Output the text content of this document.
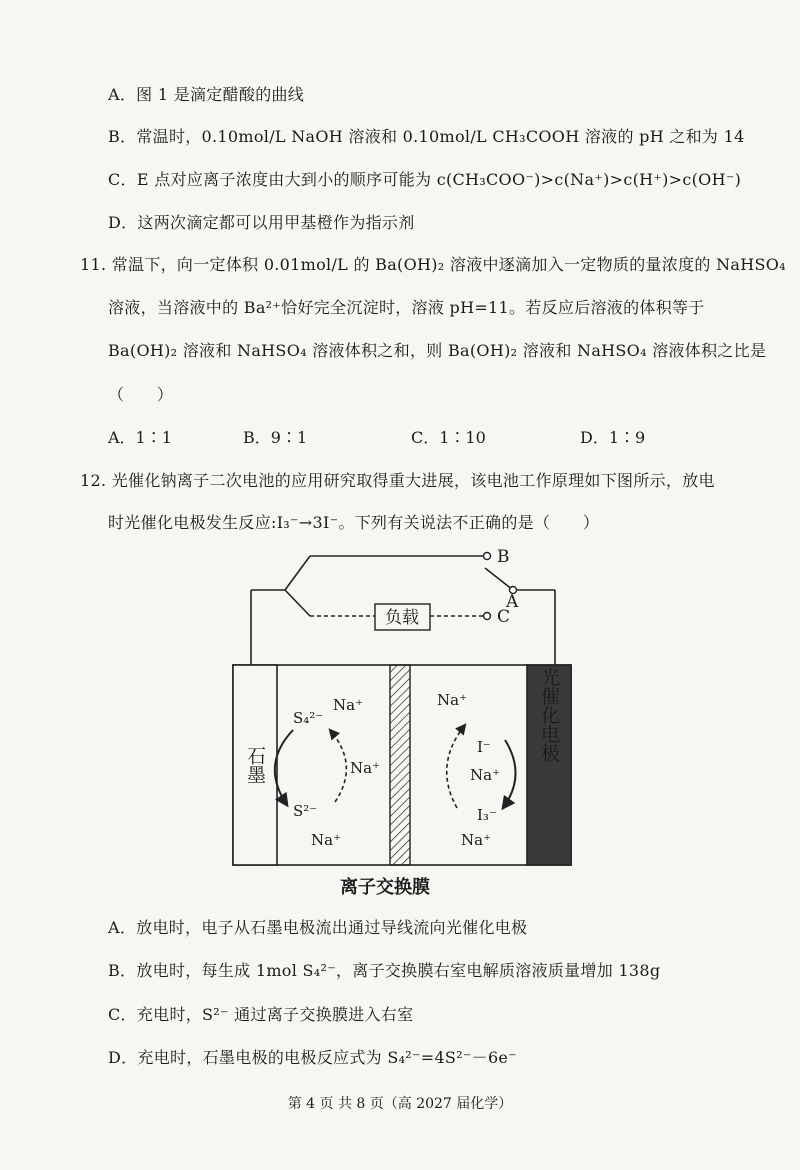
A．图 1 是滴定醋酸的曲线
B．常温时，0.10mol/L NaOH 溶液和 0.10mol/L CH₃COOH 溶液的 pH 之和为 14
C．E 点对应离子浓度由大到小的顺序可能为 c(CH₃COO⁻)>c(Na⁺)>c(H⁺)>c(OH⁻)
D．这两次滴定都可以用甲基橙作为指示剂
11. 常温下，向一定体积 0.01mol/L 的 Ba(OH)₂ 溶液中逐滴加入一定物质的量浓度的 NaHSO₄
溶液，当溶液中的 Ba²⁺恰好完全沉淀时，溶液 pH=11。若反应后溶液的体积等于
Ba(OH)₂ 溶液和 NaHSO₄ 溶液体积之和，则 Ba(OH)₂ 溶液和 NaHSO₄ 溶液体积之比是
（　　）
A．1∶1	B．9∶1	C．1∶10	D．1∶9
12. 光催化钠离子二次电池的应用研究取得重大进展，该电池工作原理如下图所示，放电
时光催化电极发生反应:I₃⁻→3I⁻。下列有关说法不正确的是（　　）
B
A
C
负载
石墨
光催化电极
S₄²⁻
Na⁺
Na⁺
S²⁻
Na⁺
Na⁺
I⁻
Na⁺
I₃⁻
Na⁺
离子交换膜
A．放电时，电子从石墨电极流出通过导线流向光催化电极
B．放电时，每生成 1mol S₄²⁻，离子交换膜右室电解质溶液质量增加 138g
C．充电时，S²⁻ 通过离子交换膜进入右室
D．充电时，石墨电极的电极反应式为 S₄²⁻=4S²⁻－6e⁻
第 4 页 共 8 页（高 2027 届化学）
